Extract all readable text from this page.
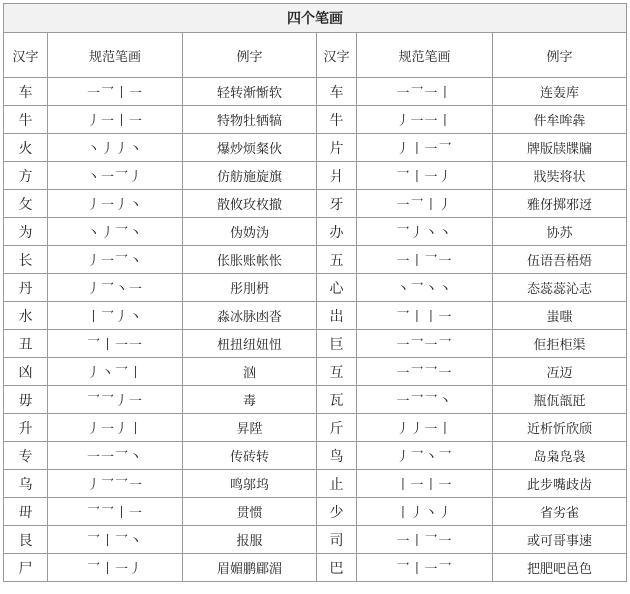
四个笔画					
汉字	规范笔画	例字	汉字	规范笔画	例字
车	一乛丨一	轻转渐惭软	车	一乛一丨	连轰库
牛	丿一丨一	特物牡牺犒	牛	丿一一丨	件牟哞犇
火	丶丿丿丶	爆炒烦粲伙	片	丿丨一乛	牌版牍牒牖
方	丶一乛丿	仿舫施旋旗	爿	乛丨一丿	戕奘将状
攵	丿一丿丶	散攸玫枚撤	牙	一乛丨丿	雅伢掷邪迓
为	丶丿乛丶	伪妫沩	办	乛丿丶丶	协苏
长	丿一乛丶	伥胀账帐怅	五	一丨乛一	伍语吾梧焐
丹	丿乛丶一	彤刖枬	心	丶乛丶丶	态蕊蕊沁志
水	丨乛丿丶	淼冰脉凼沓	岀	乛丨丨一	蚩嗤
丑	乛丨一一	杻扭纽妞忸	巨	一乛一乛	佢拒柜渠
凶	丿丶乛丨	汹	互	一乛乛一	冱迈
毋	乛乛丿一	毒	瓦	一乛乛丶	瓶佤瓿瓩
升	丿一丿丨	昇陞	斤	丿丿一丨	近析忻欣颀
专	一一乛丶	传砖转	鸟	丿乛丶乛	岛枭凫袅
乌	丿乛乛一	鸣邬坞	止	丨一丨一	此步嘴歧齿
毌	乛乛丨一	贯惯	少	丨丿丶丿	省劣雀
艮	乛丨乛丶	报服	司	一丨乛一	或可哥事速
尸	乛丨一丿	眉媚鹏郿湄	巴	乛丨一乛	把肥吧邑色
